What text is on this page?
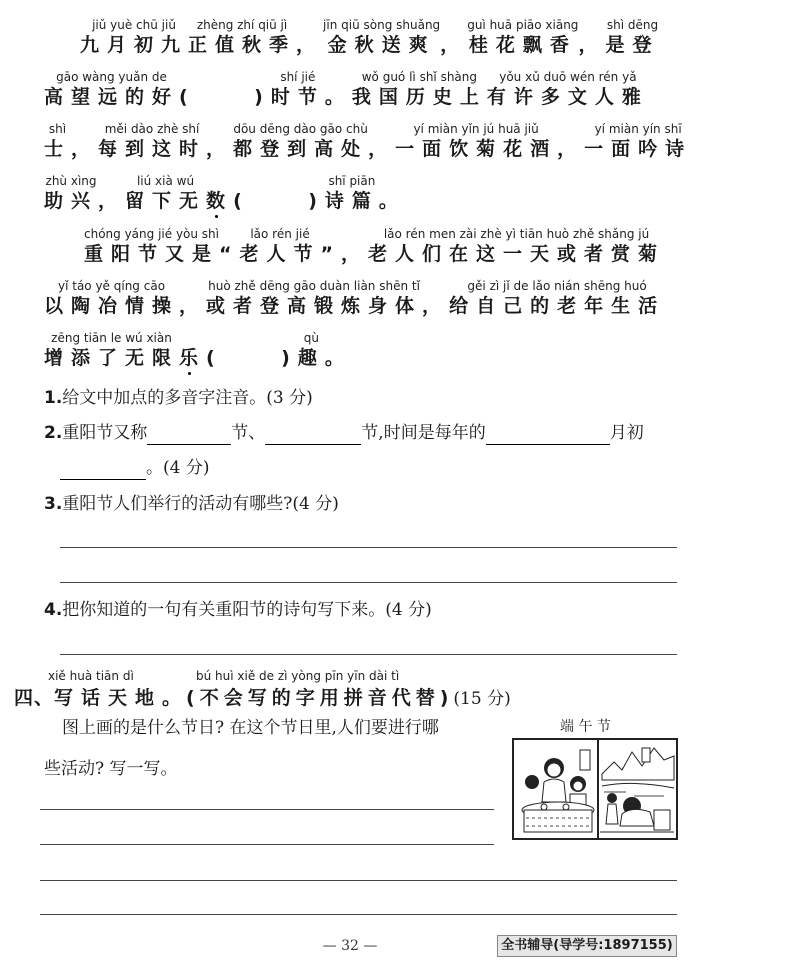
jiǔ yuè chū jiǔ
九月初九
zhèng zhí qiū jì
正值秋季 ，
jīn qiū sòng shuǎng
金秋送爽 ，
guì huā piāo xiāng
桂花飘香 ，
shì dēng
是登
gāo wàng yuǎn de
高望远的好 (    )
shí jié
时节 。
wǒ guó lì shǐ shàng
我国历史上
yǒu xǔ duō wén rén yǎ
有许多文人雅
shì
士 ，
měi dào zhè shí
每到这时 ，
dōu dēng dào gāo chù
都登到高处 ，
yí miàn yǐn jú huā jiǔ
一面饮菊花酒 ，
yí miàn yín shī
一面吟诗
zhù xìng
助兴 ，
liú xià wú
留下无 数 (    )
shī piān
诗篇 。
chóng yáng jié yòu shì
重阳节又是 “
lǎo rén jié
老人节 ”，
lǎo rén men zài zhè yì tiān huò zhě shǎng jú
老人们在这一天或者赏菊
yǐ táo yě qíng cāo
以陶冶情操 ，
huò zhě dēng gāo duàn liàn shēn tǐ
或者登高锻炼身体 ，
gěi zì jǐ de lǎo nián shēng huó
给自己的老年生活
zēng tiān le wú xiàn
增添了无限 乐 (    )
qù
趣 。
1.给文中加点的多音字注音。(3 分)
2.重阳节又称	节、	节,时间是每年的	月初
。(4 分)
3.重阳节人们举行的活动有哪些?(4 分)
4.把你知道的一句有关重阳节的诗句写下来。(4 分)
xiě huà tiān dì	bú huì xiě de zì yòng pīn yīn dài tì
四、写话天地。(不会写的字用拼音代替)(15 分)
图上画的是什么节日? 在这个节日里,人们要进行哪
些活动? 写一写。
端 午 节
— 32 —	全书辅导(导学号:1897155)
